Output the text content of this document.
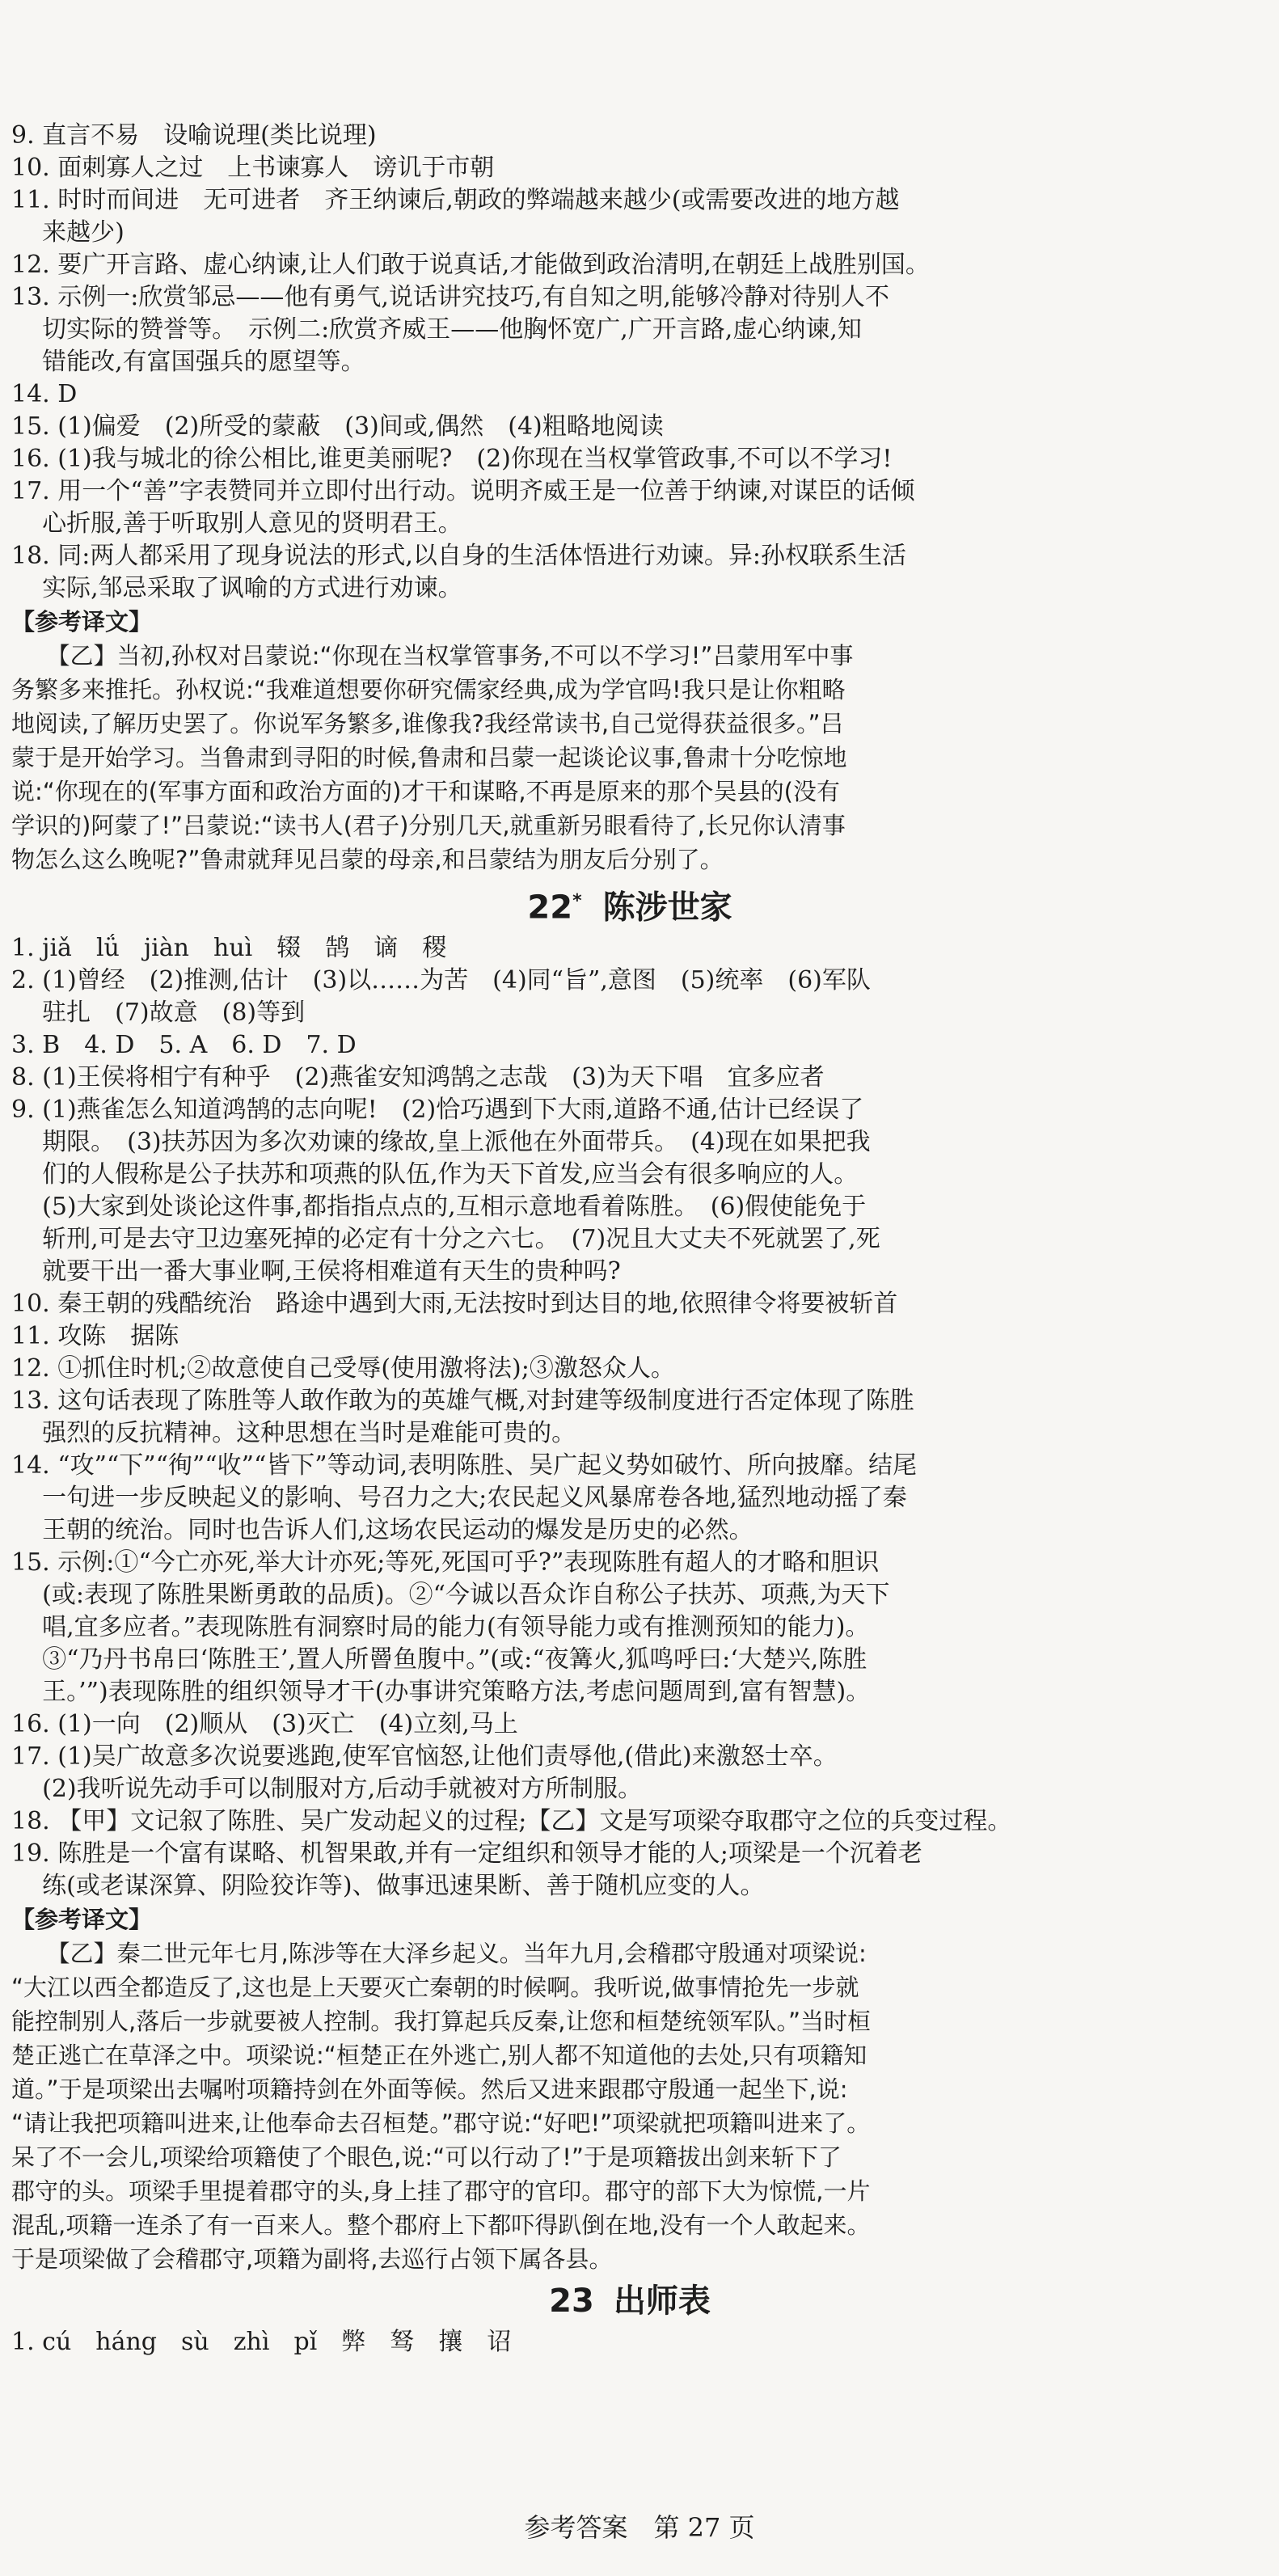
9. 直言不易　设喻说理(类比说理)
10. 面刺寡人之过　上书谏寡人　谤讥于市朝
11. 时时而间进　无可进者　齐王纳谏后,朝政的弊端越来越少(或需要改进的地方越
来越少)
12. 要广开言路、虚心纳谏,让人们敢于说真话,才能做到政治清明,在朝廷上战胜别国。
13. 示例一:欣赏邹忌——他有勇气,说话讲究技巧,有自知之明,能够冷静对待别人不
切实际的赞誉等。　示例二:欣赏齐威王——他胸怀宽广,广开言路,虚心纳谏,知
错能改,有富国强兵的愿望等。
14. D
15. (1)偏爱　(2)所受的蒙蔽　(3)间或,偶然　(4)粗略地阅读
16. (1)我与城北的徐公相比,谁更美丽呢?　(2)你现在当权掌管政事,不可以不学习!
17. 用一个“善”字表赞同并立即付出行动。说明齐威王是一位善于纳谏,对谋臣的话倾
心折服,善于听取别人意见的贤明君王。
18. 同:两人都采用了现身说法的形式,以自身的生活体悟进行劝谏。异:孙权联系生活
实际,邹忌采取了讽喻的方式进行劝谏。
【参考译文】
　　【乙】当初,孙权对吕蒙说:“你现在当权掌管事务,不可以不学习!”吕蒙用军中事
务繁多来推托。孙权说:“我难道想要你研究儒家经典,成为学官吗!我只是让你粗略
地阅读,了解历史罢了。你说军务繁多,谁像我?我经常读书,自己觉得获益很多。”吕
蒙于是开始学习。当鲁肃到寻阳的时候,鲁肃和吕蒙一起谈论议事,鲁肃十分吃惊地
说:“你现在的(军事方面和政治方面的)才干和谋略,不再是原来的那个吴县的(没有
学识的)阿蒙了!”吕蒙说:“读书人(君子)分别几天,就重新另眼看待了,长兄你认清事
物怎么这么晚呢?”鲁肃就拜见吕蒙的母亲,和吕蒙结为朋友后分别了。
22* 陈涉世家
1. jiǎ　lǘ　jiàn　huì　辍　鹄　谪　稷
2. (1)曾经　(2)推测,估计　(3)以……为苦　(4)同“旨”,意图　(5)统率　(6)军队
驻扎　(7)故意　(8)等到
3. B　4. D　5. A　6. D　7. D
8. (1)王侯将相宁有种乎　(2)燕雀安知鸿鹄之志哉　(3)为天下唱　宜多应者
9. (1)燕雀怎么知道鸿鹄的志向呢!　(2)恰巧遇到下大雨,道路不通,估计已经误了
期限。　(3)扶苏因为多次劝谏的缘故,皇上派他在外面带兵。　(4)现在如果把我
们的人假称是公子扶苏和项燕的队伍,作为天下首发,应当会有很多响应的人。
(5)大家到处谈论这件事,都指指点点的,互相示意地看着陈胜。　(6)假使能免于
斩刑,可是去守卫边塞死掉的必定有十分之六七。　(7)况且大丈夫不死就罢了,死
就要干出一番大事业啊,王侯将相难道有天生的贵种吗?
10. 秦王朝的残酷统治　路途中遇到大雨,无法按时到达目的地,依照律令将要被斩首
11. 攻陈　据陈
12. ①抓住时机;②故意使自己受辱(使用激将法);③激怒众人。
13. 这句话表现了陈胜等人敢作敢为的英雄气概,对封建等级制度进行否定体现了陈胜
强烈的反抗精神。这种思想在当时是难能可贵的。
14. “攻”“下”“徇”“收”“皆下”等动词,表明陈胜、吴广起义势如破竹、所向披靡。结尾
一句进一步反映起义的影响、号召力之大;农民起义风暴席卷各地,猛烈地动摇了秦
王朝的统治。同时也告诉人们,这场农民运动的爆发是历史的必然。
15. 示例:①“今亡亦死,举大计亦死;等死,死国可乎?”表现陈胜有超人的才略和胆识
(或:表现了陈胜果断勇敢的品质)。②“今诚以吾众诈自称公子扶苏、项燕,为天下
唱,宜多应者。”表现陈胜有洞察时局的能力(有领导能力或有推测预知的能力)。
③“乃丹书帛曰‘陈胜王’,置人所罾鱼腹中。”(或:“夜篝火,狐鸣呼曰:‘大楚兴,陈胜
王。’”)表现陈胜的组织领导才干(办事讲究策略方法,考虑问题周到,富有智慧)。
16. (1)一向　(2)顺从　(3)灭亡　(4)立刻,马上
17. (1)吴广故意多次说要逃跑,使军官恼怒,让他们责辱他,(借此)来激怒士卒。
(2)我听说先动手可以制服对方,后动手就被对方所制服。
18. 【甲】文记叙了陈胜、吴广发动起义的过程;【乙】文是写项梁夺取郡守之位的兵变过程。
19. 陈胜是一个富有谋略、机智果敢,并有一定组织和领导才能的人;项梁是一个沉着老
练(或老谋深算、阴险狡诈等)、做事迅速果断、善于随机应变的人。
【参考译文】
　　【乙】秦二世元年七月,陈涉等在大泽乡起义。当年九月,会稽郡守殷通对项梁说:
“大江以西全都造反了,这也是上天要灭亡秦朝的时候啊。我听说,做事情抢先一步就
能控制别人,落后一步就要被人控制。我打算起兵反秦,让您和桓楚统领军队。”当时桓
楚正逃亡在草泽之中。项梁说:“桓楚正在外逃亡,别人都不知道他的去处,只有项籍知
道。”于是项梁出去嘱咐项籍持剑在外面等候。然后又进来跟郡守殷通一起坐下,说:
“请让我把项籍叫进来,让他奉命去召桓楚。”郡守说:“好吧!”项梁就把项籍叫进来了。
呆了不一会儿,项梁给项籍使了个眼色,说:“可以行动了!”于是项籍拔出剑来斩下了
郡守的头。项梁手里提着郡守的头,身上挂了郡守的官印。郡守的部下大为惊慌,一片
混乱,项籍一连杀了有一百来人。整个郡府上下都吓得趴倒在地,没有一个人敢起来。
于是项梁做了会稽郡守,项籍为副将,去巡行占领下属各县。
23 出师表
1. cú　háng　sù　zhì　pǐ　弊　驽　攘　诏
参考答案　第 27 页
